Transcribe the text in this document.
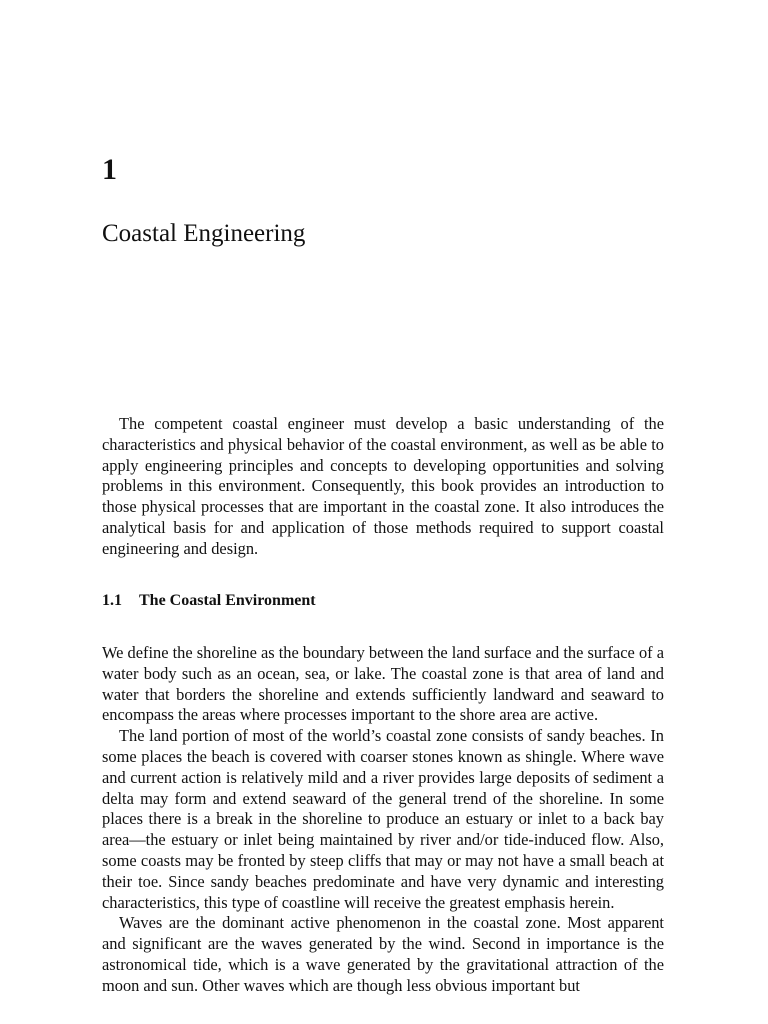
1
Coastal Engineering

The competent coastal engineer must develop a basic understanding of the characteristics and physical behavior of the coastal environment, as well as be able to apply engineering principles and concepts to developing opportunities and solving problems in this environment. Consequently, this book provides an introduction to those physical processes that are important in the coastal zone. It also introduces the analytical basis for and application of those methods required to support coastal engineering and design.

1.1 The Coastal Environment

We define the shoreline as the boundary between the land surface and the surface of a water body such as an ocean, sea, or lake. The coastal zone is that area of land and water that borders the shoreline and extends sufficiently landward and seaward to encompass the areas where processes important to the shore area are active.

The land portion of most of the world’s coastal zone consists of sandy beaches. In some places the beach is covered with coarser stones known as shingle. Where wave and current action is relatively mild and a river provides large deposits of sediment a delta may form and extend seaward of the general trend of the shoreline. In some places there is a break in the shoreline to produce an estuary or inlet to a back bay area—the estuary or inlet being maintained by river and/or tide-induced flow. Also, some coasts may be fronted by steep cliffs that may or may not have a small beach at their toe. Since sandy beaches predominate and have very dynamic and interesting characteristics, this type of coastline will receive the greatest emphasis herein.

Waves are the dominant active phenomenon in the coastal zone. Most apparent and significant are the waves generated by the wind. Second in importance is the astronomical tide, which is a wave generated by the gravitational attraction of the moon and sun. Other waves which are though less obvious important but
